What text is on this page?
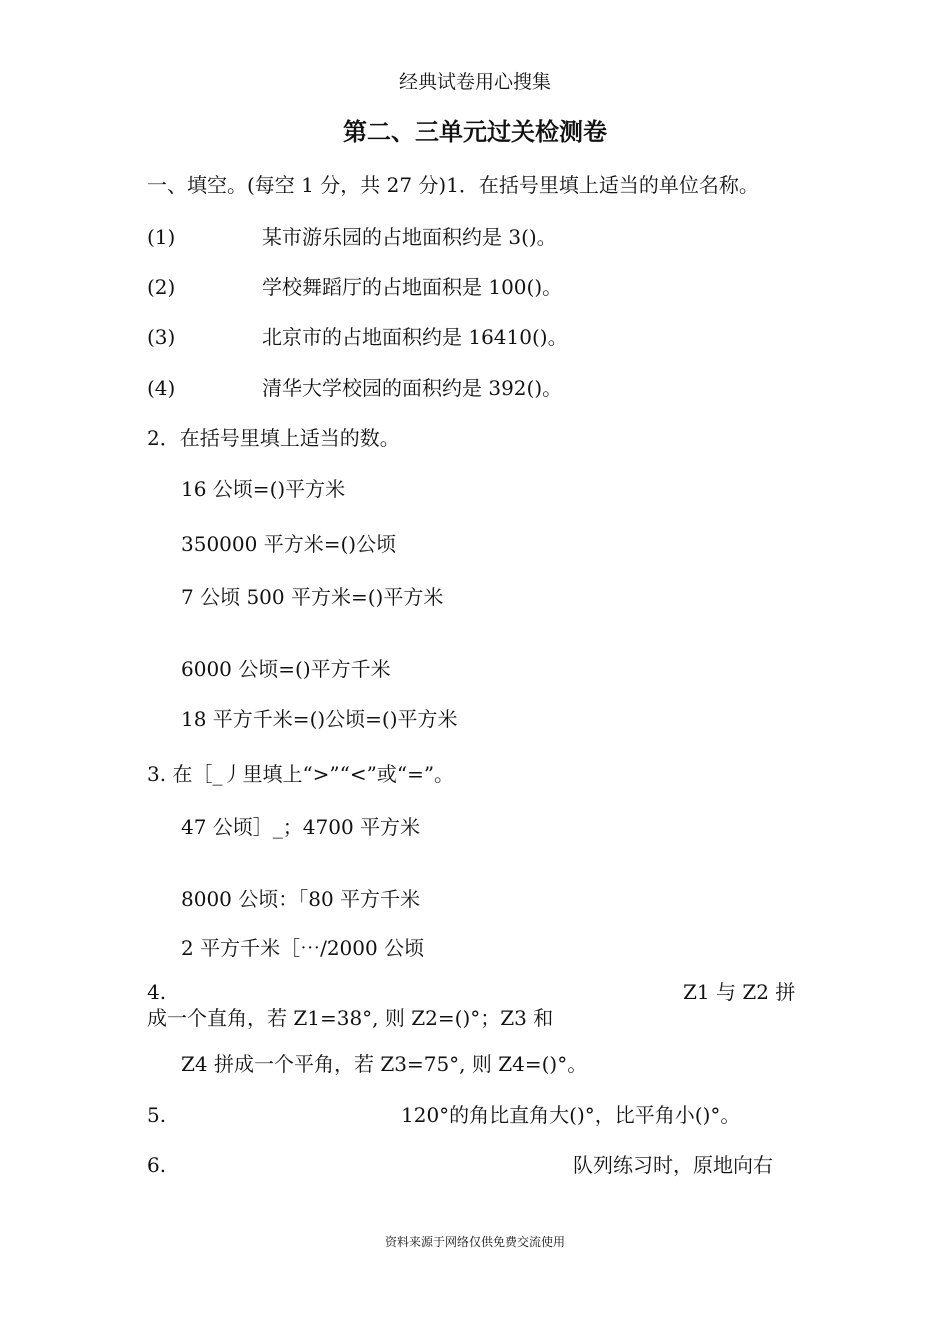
经典试卷用心搜集
第二、三单元过关检测卷
一、填空。(每空 1 分，共 27 分)1．在括号里填上适当的单位名称。
(1)	某市游乐园的占地面积约是 3()。
(2)	学校舞蹈厅的占地面积是 100()。
(3)	北京市的占地面积约是 16410()。
(4)	清华大学校园的面积约是 392()。
2．在括号里填上适当的数。
16 公顷=()平方米
350000 平方米=()公顷
7 公顷 500 平方米=()平方米
6000 公顷=()平方千米
18 平方千米=()公顷=()平方米
3. 在［_丿里填上“>”“<”或“=”。
47 公顷］_；4700 平方米
8000 公顷：「80 平方千米
2 平方千米［⋯/2000 公顷
4.	Z1 与 Z2 拼
成一个直角，若 Z1=38°, 则 Z2=()°；Z3 和
Z4 拼成一个平角，若 Z3=75°, 则 Z4=()°。
5.	120°的角比直角大()°，比平角小()°。
6.	队列练习时，原地向右
资料来源于网络仅供免费交流使用
